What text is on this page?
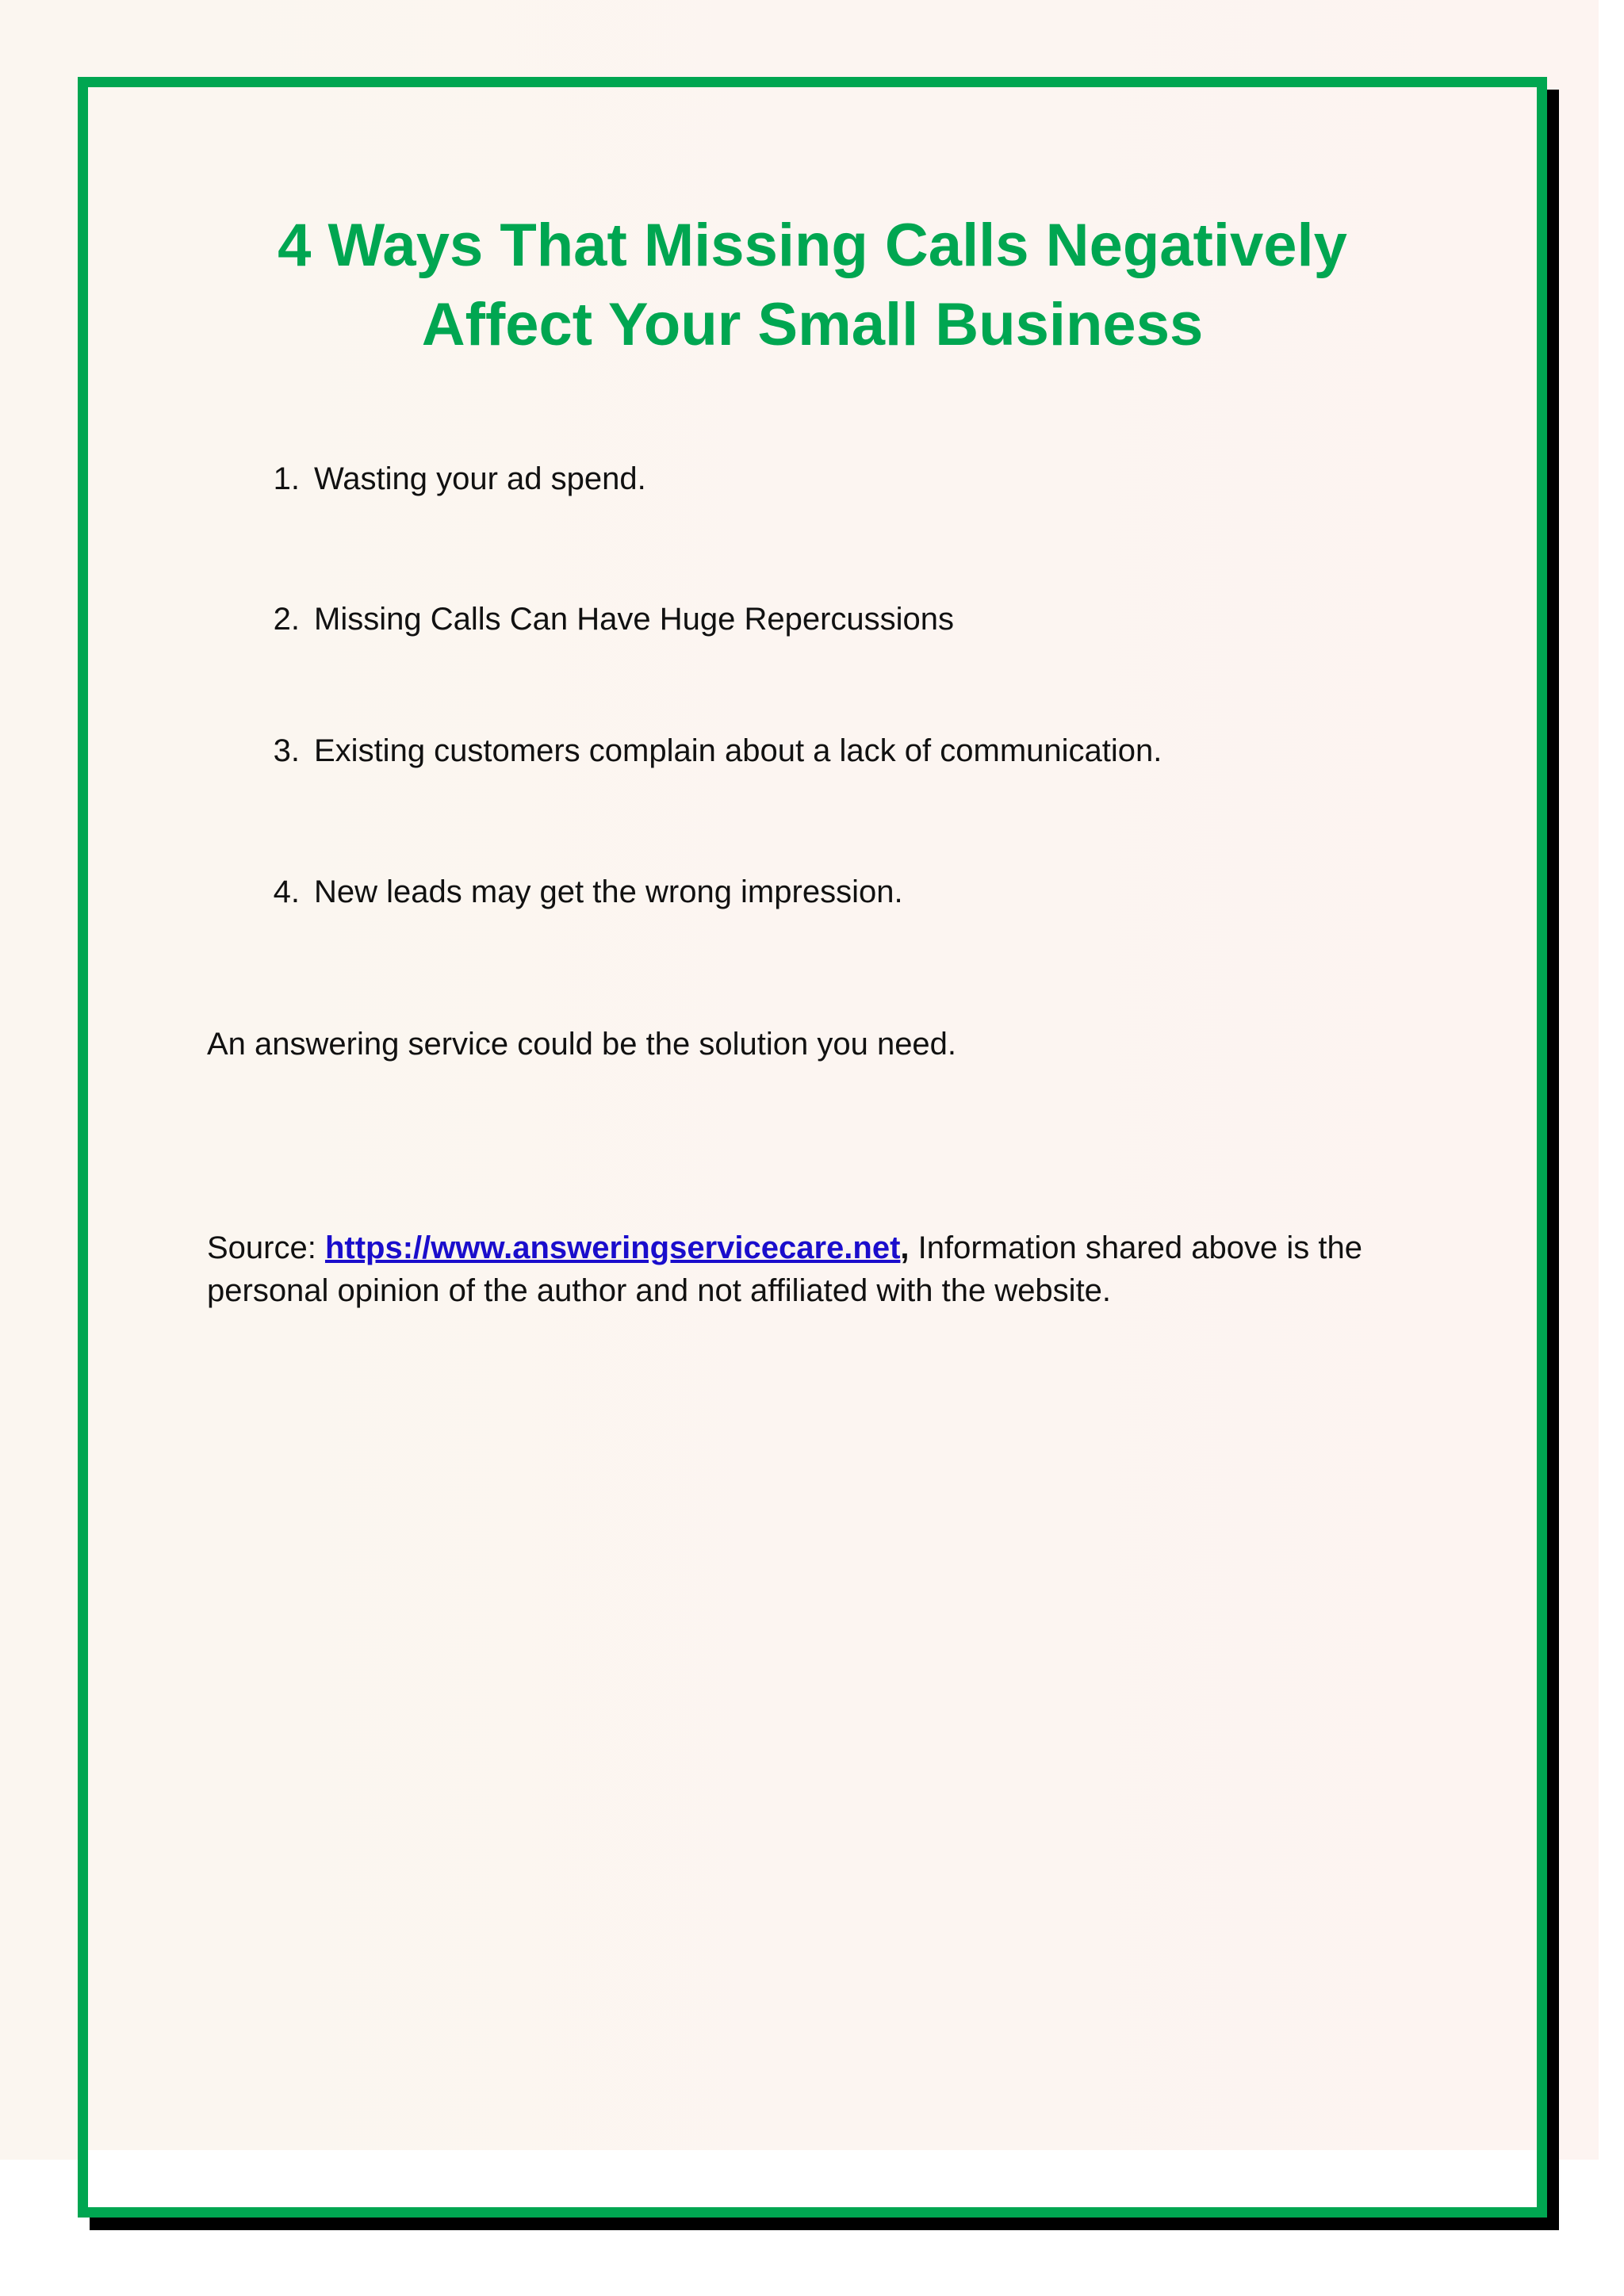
4 Ways That Missing Calls Negatively
Affect Your Small Business
1. Wasting your ad spend.
2. Missing Calls Can Have Huge Repercussions
3. Existing customers complain about a lack of communication.
4. New leads may get the wrong impression.

An answering service could be the solution you need.

Source: https://www.answeringservicecare.net, Information shared above is the personal opinion of the author and not affiliated with the website.
